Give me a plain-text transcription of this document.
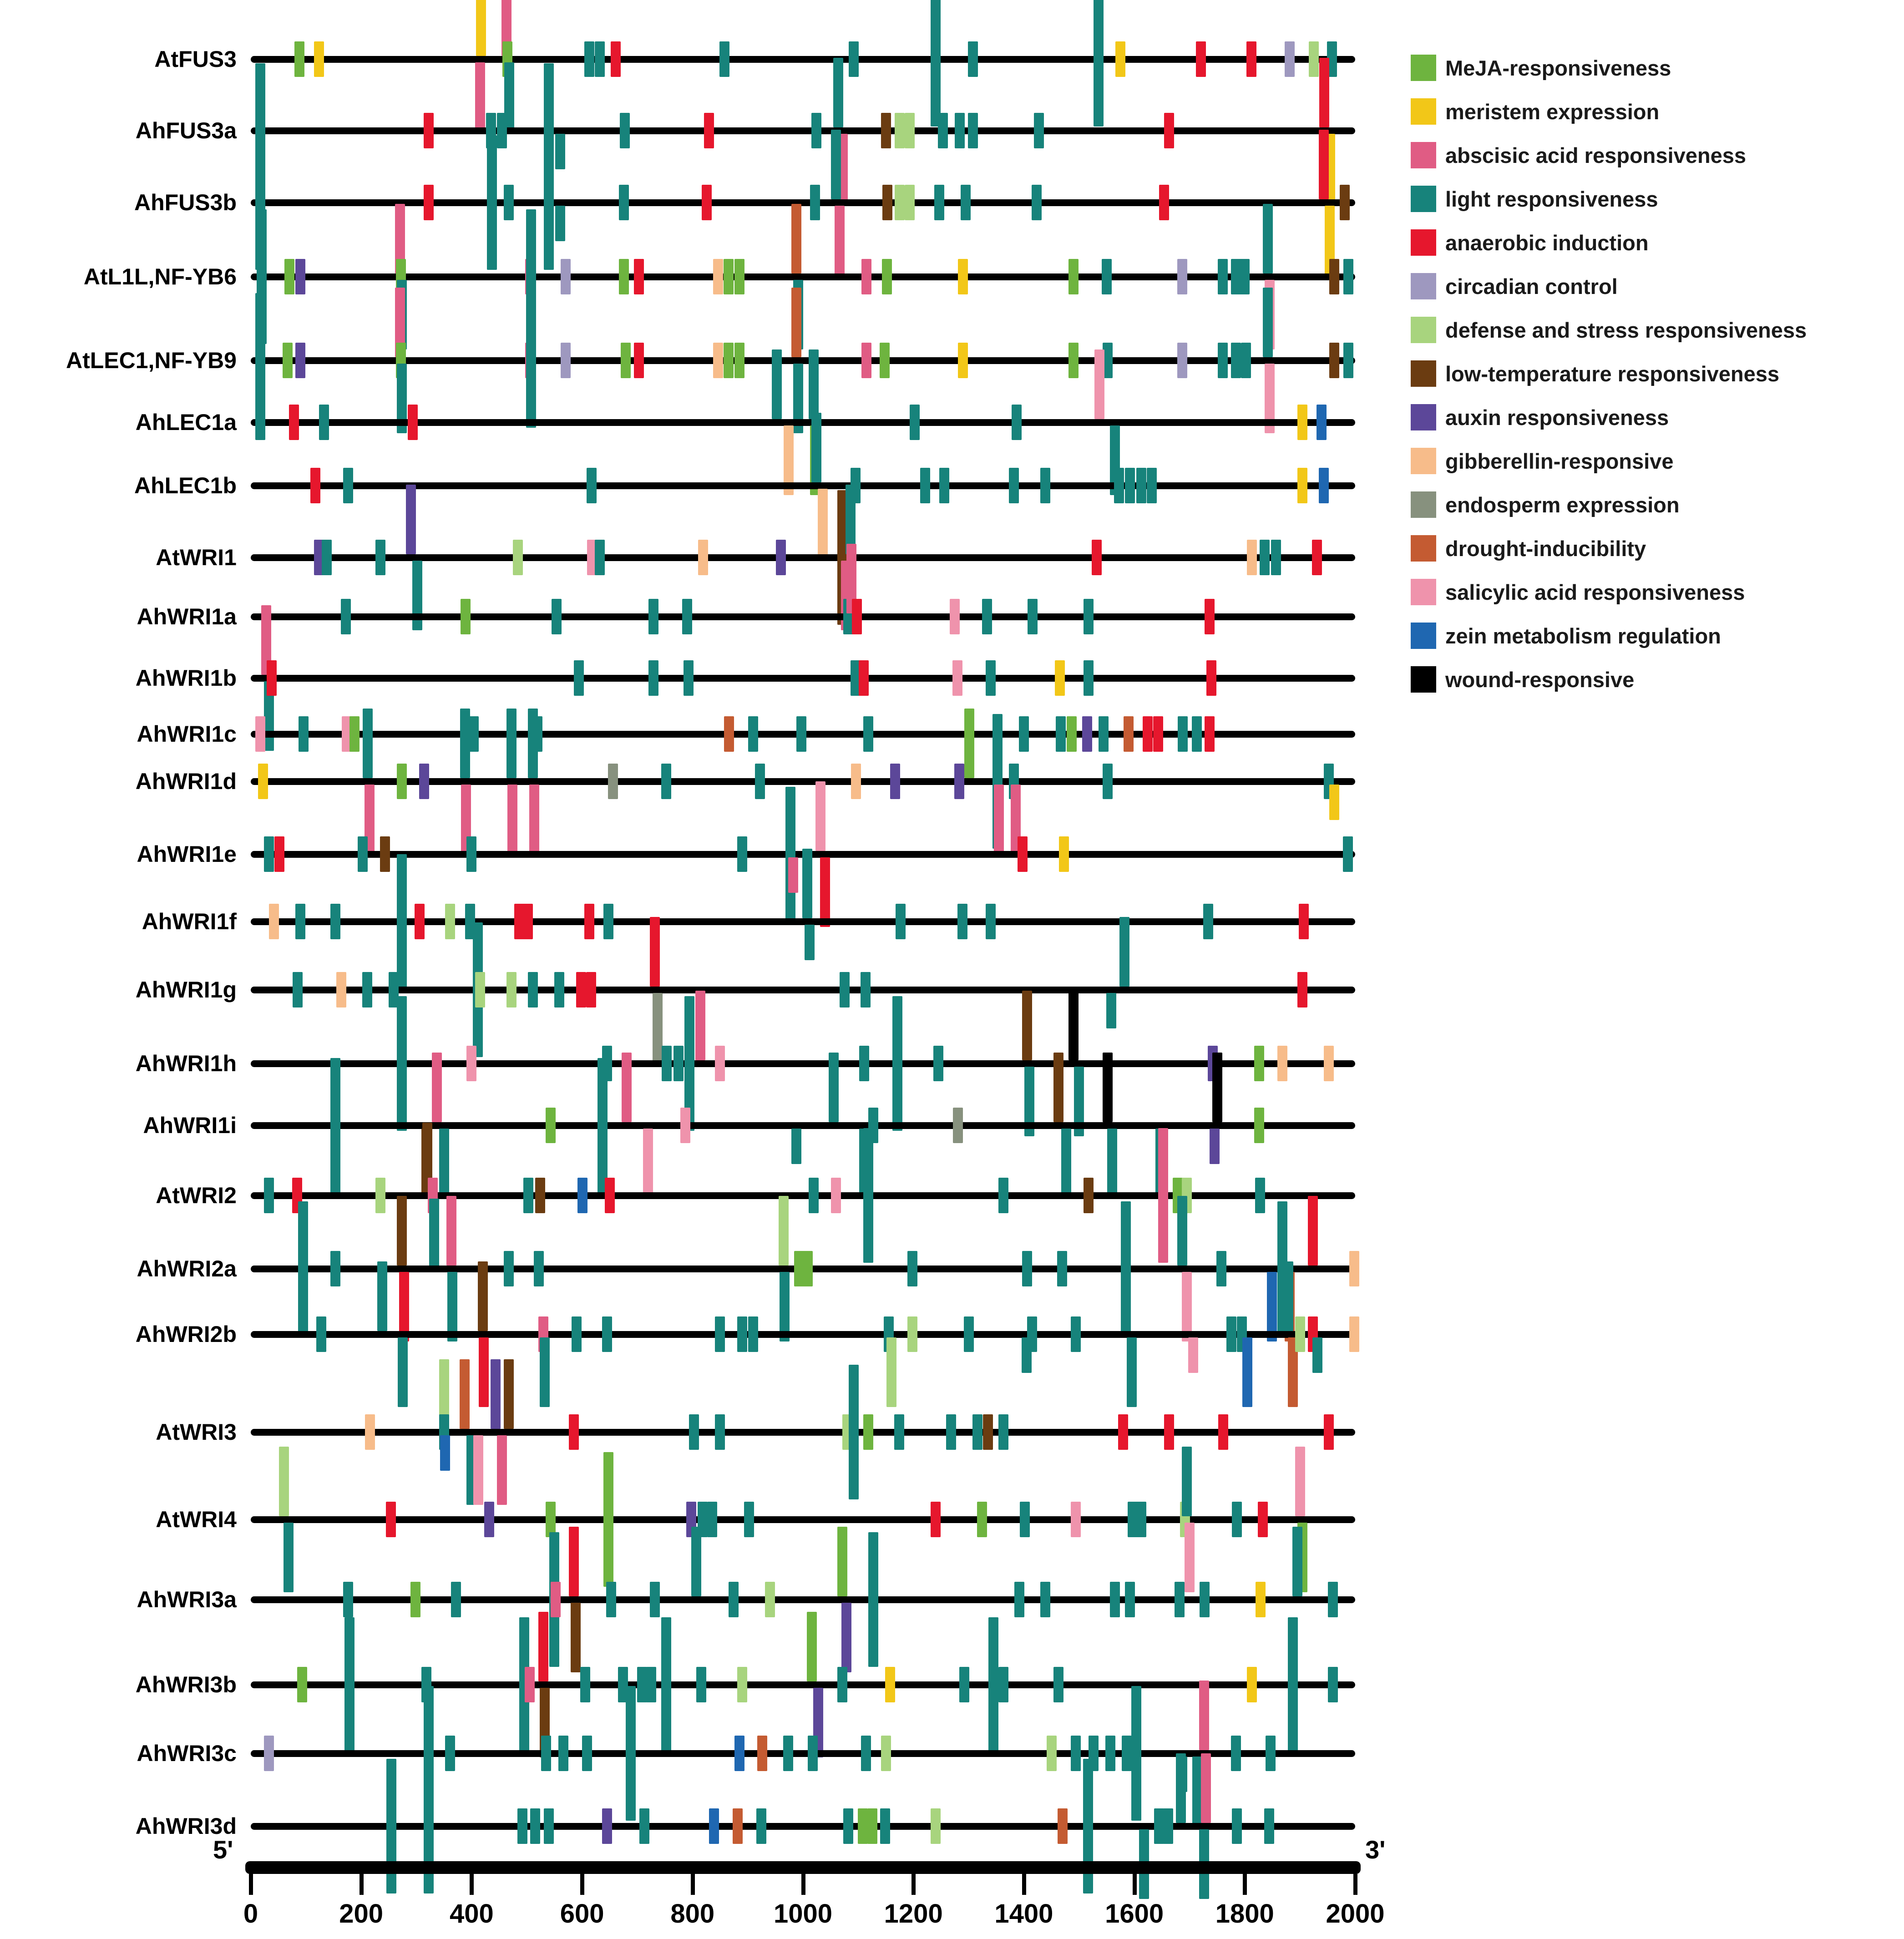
AtFUS3
AhFUS3a
AhFUS3b
AtL1L,NF-YB6
AtLEC1,NF-YB9
AhLEC1a
AhLEC1b
AtWRI1
AhWRI1a
AhWRI1b
AhWRI1c
AhWRI1d
AhWRI1e
AhWRI1f
AhWRI1g
AhWRI1h
AhWRI1i
AtWRI2
AhWRI2a
AhWRI2b
AtWRI3
AtWRI4
AhWRI3a
AhWRI3b
AhWRI3c
AhWRI3d
5'	3'
0	200	400	600	800	1000	1200	1400	1600	1800	2000
MeJA-responsiveness
meristem expression
abscisic acid responsiveness
light responsiveness
anaerobic induction
circadian control
defense and stress responsiveness
low-temperature responsiveness
auxin responsiveness
gibberellin-responsive
endosperm expression
drought-inducibility
salicylic acid responsiveness
zein metabolism regulation
wound-responsive
